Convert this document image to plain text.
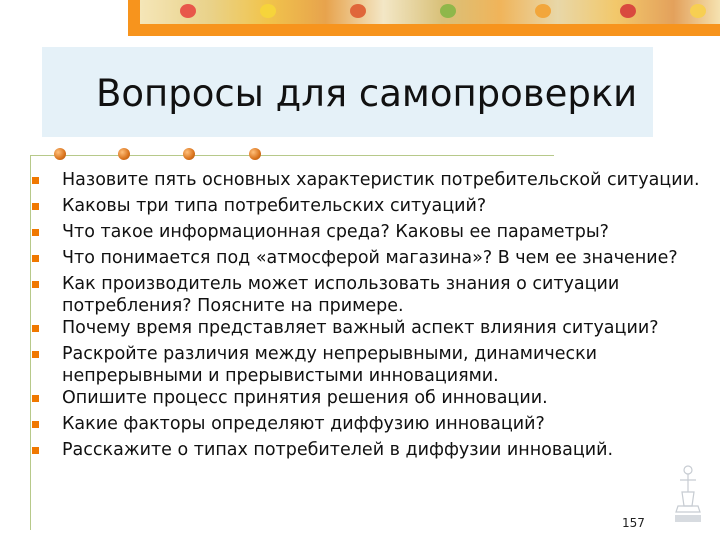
Вопросы для самопроверки
Назовите пять основных характеристик потребительской ситуации.
Каковы три типа потребительских ситуаций?
Что такое информационная среда? Каковы ее параметры?
Что понимается под «атмосферой магазина»? В чем ее значение?
Как производитель может использовать знания о ситуации
потребления? Поясните на примере.
Почему время представляет важный аспект влияния ситуации?
Раскройте различия между непрерывными, динамически
непрерывными и прерывистыми инновациями.
Опишите процесс принятия решения об инновации.
Какие факторы определяют диффузию инноваций?
Расскажите о типах потребителей в диффузии инноваций.
157
